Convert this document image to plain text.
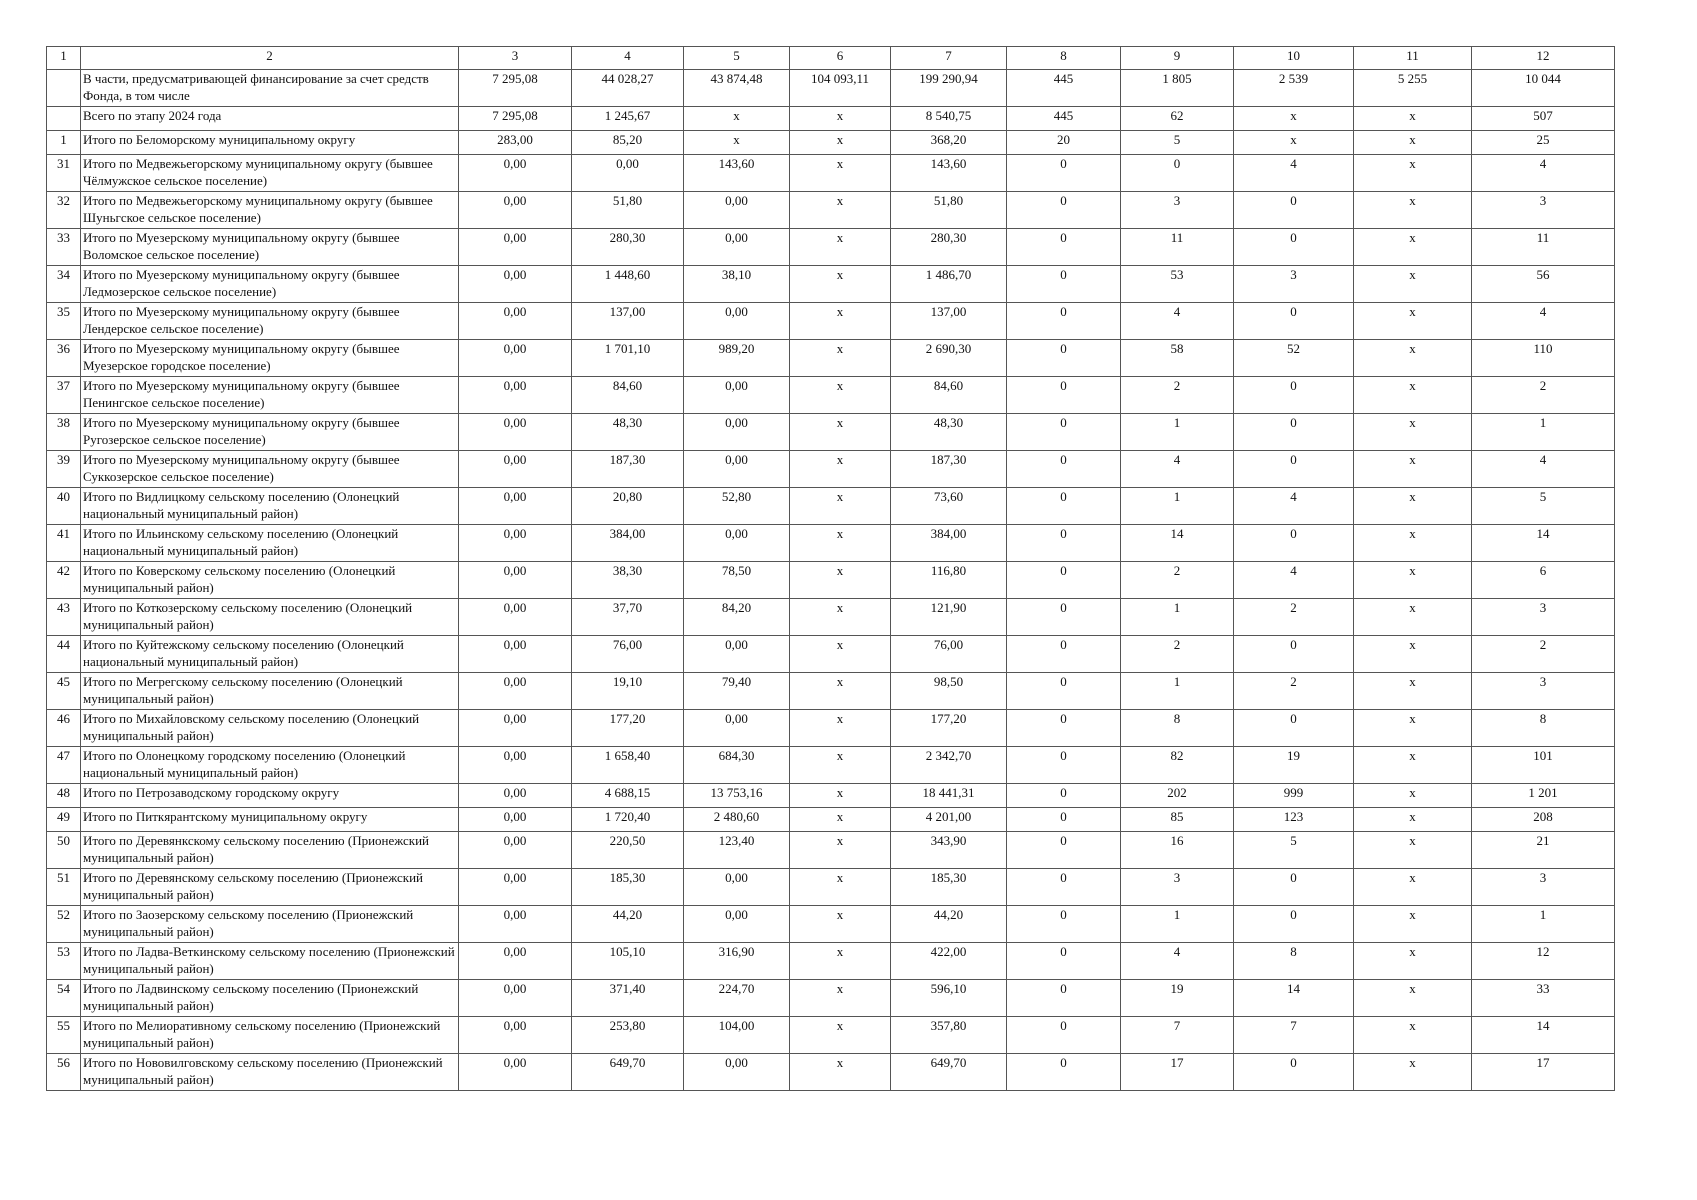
1	2	3	4	5	6	7	8	9	10	11	12
	В части, предусматривающей финансирование за счет средств Фонда, в том числе	7 295,08	44 028,27	43 874,48	104 093,11	199 290,94	445	1 805	2 539	5 255	10 044
	Всего по этапу 2024 года	7 295,08	1 245,67	x	x	8 540,75	445	62	x	x	507
1	Итого по Беломорскому муниципальному округу	283,00	85,20	x	x	368,20	20	5	x	x	25
31	Итого по Медвежьегорскому муниципальному округу (бывшее Чёлмужское сельское поселение)	0,00	0,00	143,60	x	143,60	0	0	4	x	4
32	Итого по Медвежьегорскому муниципальному округу (бывшее Шуньгское сельское поселение)	0,00	51,80	0,00	x	51,80	0	3	0	x	3
33	Итого по Муезерскому муниципальному округу (бывшее Воломское сельское поселение)	0,00	280,30	0,00	x	280,30	0	11	0	x	11
34	Итого по Муезерскому муниципальному округу (бывшее Ледмозерское сельское поселение)	0,00	1 448,60	38,10	x	1 486,70	0	53	3	x	56
35	Итого по Муезерскому муниципальному округу (бывшее Лендерское сельское поселение)	0,00	137,00	0,00	x	137,00	0	4	0	x	4
36	Итого по Муезерскому муниципальному округу (бывшее Муезерское городское поселение)	0,00	1 701,10	989,20	x	2 690,30	0	58	52	x	110
37	Итого по Муезерскому муниципальному округу (бывшее Пенингское сельское поселение)	0,00	84,60	0,00	x	84,60	0	2	0	x	2
38	Итого по Муезерскому муниципальному округу (бывшее Ругозерское сельское поселение)	0,00	48,30	0,00	x	48,30	0	1	0	x	1
39	Итого по Муезерскому муниципальному округу (бывшее Суккозерское сельское поселение)	0,00	187,30	0,00	x	187,30	0	4	0	x	4
40	Итого по Видлицкому сельскому поселению (Олонецкий национальный муниципальный район)	0,00	20,80	52,80	x	73,60	0	1	4	x	5
41	Итого по Ильинскому сельскому поселению (Олонецкий национальный муниципальный район)	0,00	384,00	0,00	x	384,00	0	14	0	x	14
42	Итого по Коверскому сельскому поселению (Олонецкий муниципальный район)	0,00	38,30	78,50	x	116,80	0	2	4	x	6
43	Итого по Коткозерскому сельскому поселению (Олонецкий муниципальный район)	0,00	37,70	84,20	x	121,90	0	1	2	x	3
44	Итого по Куйтежскому сельскому поселению (Олонецкий национальный муниципальный район)	0,00	76,00	0,00	x	76,00	0	2	0	x	2
45	Итого по Мегрегскому сельскому поселению (Олонецкий муниципальный район)	0,00	19,10	79,40	x	98,50	0	1	2	x	3
46	Итого по Михайловскому сельскому поселению (Олонецкий муниципальный район)	0,00	177,20	0,00	x	177,20	0	8	0	x	8
47	Итого по Олонецкому городскому поселению (Олонецкий национальный муниципальный район)	0,00	1 658,40	684,30	x	2 342,70	0	82	19	x	101
48	Итого по Петрозаводскому городскому округу	0,00	4 688,15	13 753,16	x	18 441,31	0	202	999	x	1 201
49	Итого по Питкярантскому муниципальному округу	0,00	1 720,40	2 480,60	x	4 201,00	0	85	123	x	208
50	Итого по Деревянкскому сельскому поселению (Прионежский муниципальный район)	0,00	220,50	123,40	x	343,90	0	16	5	x	21
51	Итого по Деревянскому сельскому поселению (Прионежский муниципальный район)	0,00	185,30	0,00	x	185,30	0	3	0	x	3
52	Итого по Заозерскому сельскому поселению (Прионежский муниципальный район)	0,00	44,20	0,00	x	44,20	0	1	0	x	1
53	Итого по Ладва-Веткинскому сельскому поселению (Прионежский муниципальный район)	0,00	105,10	316,90	x	422,00	0	4	8	x	12
54	Итого по Ладвинскому сельскому поселению (Прионежский муниципальный район)	0,00	371,40	224,70	x	596,10	0	19	14	x	33
55	Итого по Мелиоративному сельскому поселению (Прионежский муниципальный район)	0,00	253,80	104,00	x	357,80	0	7	7	x	14
56	Итого по Нововилговскому сельскому поселению (Прионежский муниципальный район)	0,00	649,70	0,00	x	649,70	0	17	0	x	17
